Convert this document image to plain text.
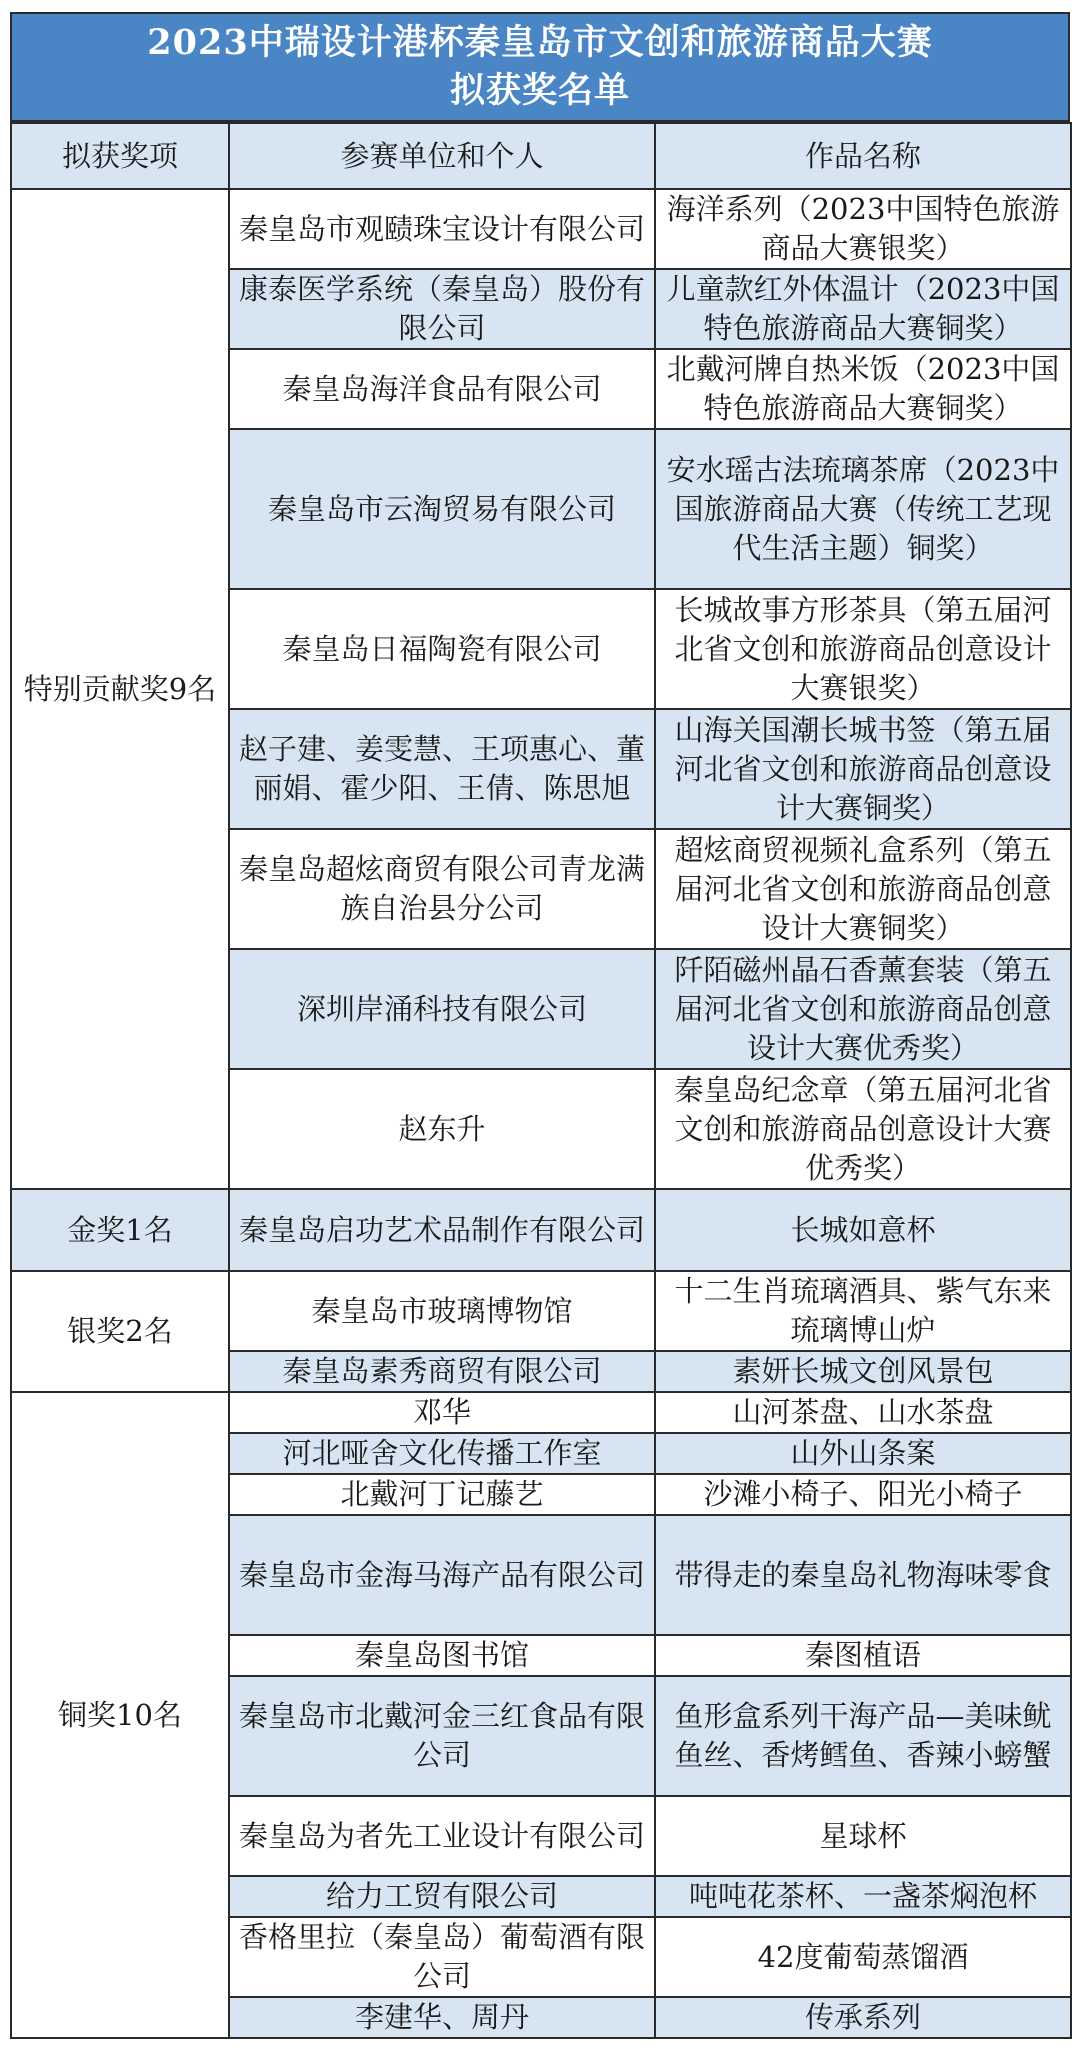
2023中瑞设计港杯秦皇岛市文创和旅游商品大赛
拟获奖名单
拟获奖项	参赛单位和个人	作品名称
特别贡献奖9名	秦皇岛市观赜珠宝设计有限公司	海洋系列（2023中国特色旅游商品大赛银奖）
	康泰医学系统（秦皇岛）股份有限公司	儿童款红外体温计（2023中国特色旅游商品大赛铜奖）
	秦皇岛海洋食品有限公司	北戴河牌自热米饭（2023中国特色旅游商品大赛铜奖）
	秦皇岛市云淘贸易有限公司	安水瑶古法琉璃茶席（2023中国旅游商品大赛（传统工艺现代生活主题）铜奖）
	秦皇岛日福陶瓷有限公司	长城故事方形茶具（第五届河北省文创和旅游商品创意设计大赛银奖）
	赵子建、姜雯慧、王项惠心、董丽娟、霍少阳、王倩、陈思旭	山海关国潮长城书签（第五届河北省文创和旅游商品创意设计大赛铜奖）
	秦皇岛超炫商贸有限公司青龙满族自治县分公司	超炫商贸视频礼盒系列（第五届河北省文创和旅游商品创意设计大赛铜奖）
	深圳岸涌科技有限公司	阡陌磁州晶石香薰套装（第五届河北省文创和旅游商品创意设计大赛优秀奖）
	赵东升	秦皇岛纪念章（第五届河北省文创和旅游商品创意设计大赛优秀奖）
金奖1名	秦皇岛启功艺术品制作有限公司	长城如意杯
银奖2名	秦皇岛市玻璃博物馆	十二生肖琉璃酒具、紫气东来琉璃博山炉
	秦皇岛素秀商贸有限公司	素妍长城文创风景包
铜奖10名	邓华	山河茶盘、山水茶盘
	河北哑舍文化传播工作室	山外山条案
	北戴河丁记藤艺	沙滩小椅子、阳光小椅子
	秦皇岛市金海马海产品有限公司	带得走的秦皇岛礼物海味零食
	秦皇岛图书馆	秦图植语
	秦皇岛市北戴河金三红食品有限公司	鱼形盒系列干海产品—美味鱿鱼丝、香烤鳕鱼、香辣小螃蟹
	秦皇岛为者先工业设计有限公司	星球杯
	给力工贸有限公司	吨吨花茶杯、一盏茶焖泡杯
	香格里拉（秦皇岛）葡萄酒有限公司	42度葡萄蒸馏酒
	李建华、周丹	传承系列
